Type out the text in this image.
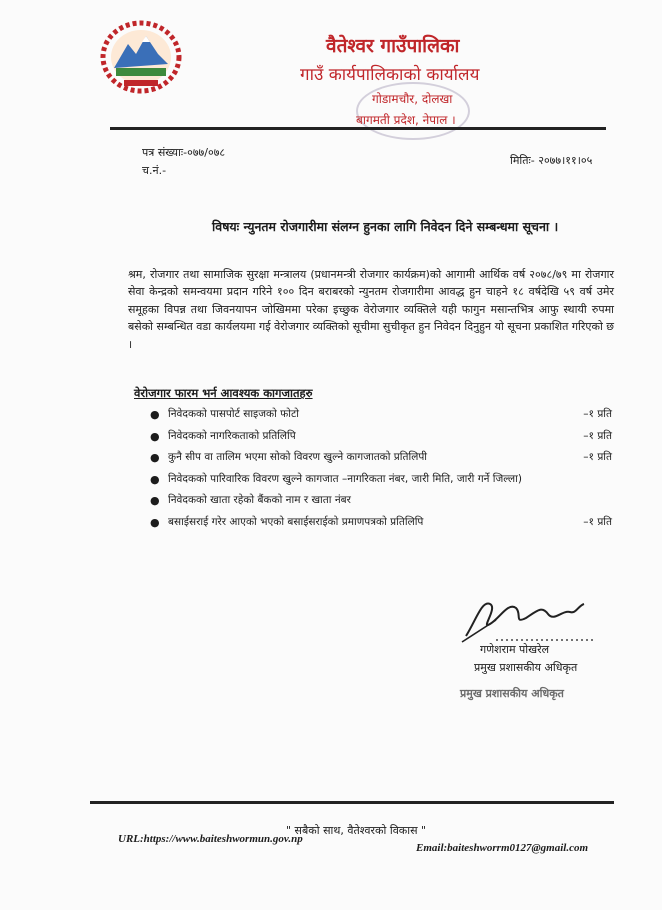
वैतेश्वर गाउँपालिका
गाउँ कार्यपालिकाको कार्यालय
गोडामचौर, दोलखा
बागमती प्रदेश, नेपाल ।
पत्र संख्याः-०७७/०७८
च.नं.-
मितिः- २०७७।११।०५
विषयः न्युनतम रोजगारीमा संलग्न हुनका लागि निवेदन दिने सम्बन्धमा सूचना ।
श्रम, रोजगार तथा सामाजिक सुरक्षा मन्त्रालय (प्रधानमन्त्री रोजगार कार्यक्रम)को आगामी आर्थिक वर्ष २०७८/७९ मा रोजगार सेवा केन्द्रको समन्वयमा प्रदान गरिने १०० दिन बराबरको न्युनतम रोजगारीमा आवद्ध हुन चाहने १८ वर्षदेखि ५९ वर्ष उमेर समूहका विपन्न तथा जिवनयापन जोखिममा परेका इच्छुक वेरोजगार व्यक्तिले यही फागुन मसान्तभित्र आफु स्थायी रुपमा बसेको सम्बन्धित वडा कार्यलयमा गई वेरोजगार व्यक्तिको सूचीमा सुचीकृत हुन निवेदन दिनुहुन यो सूचना प्रकाशित गरिएको छ ।
वेरोजगार फारम भर्न आवश्यक कागजातहरु
● निवेदकको पासपोर्ट साइजको फोटो	–१ प्रति
● निवेदकको नागरिकताको प्रतिलिपि	–१ प्रति
● कुनै सीप वा तालिम भएमा सोको विवरण खुल्ने कागजातको प्रतिलिपी	–१ प्रति
● निवेदकको पारिवारिक विवरण खुल्ने कागजात –नागरिकता नंबर, जारी मिति, जारी गर्ने जिल्ला)
● निवेदकको खाता रहेको बैंकको नाम र खाता नंबर
● बसाईसराई गरेर आएको भएको बसाईसराईको प्रमाणपत्रको प्रतिलिपि	–१ प्रति
गणेशराम पोखरेल
प्रमुख प्रशासकीय अधिकृत
प्रमुख प्रशासकीय अधिकृत
" सबैको साथ, वैतेश्वरको विकास "
URL:https://www.baiteshwormun.gov.np
Email:baiteshworrm0127@gmail.com
